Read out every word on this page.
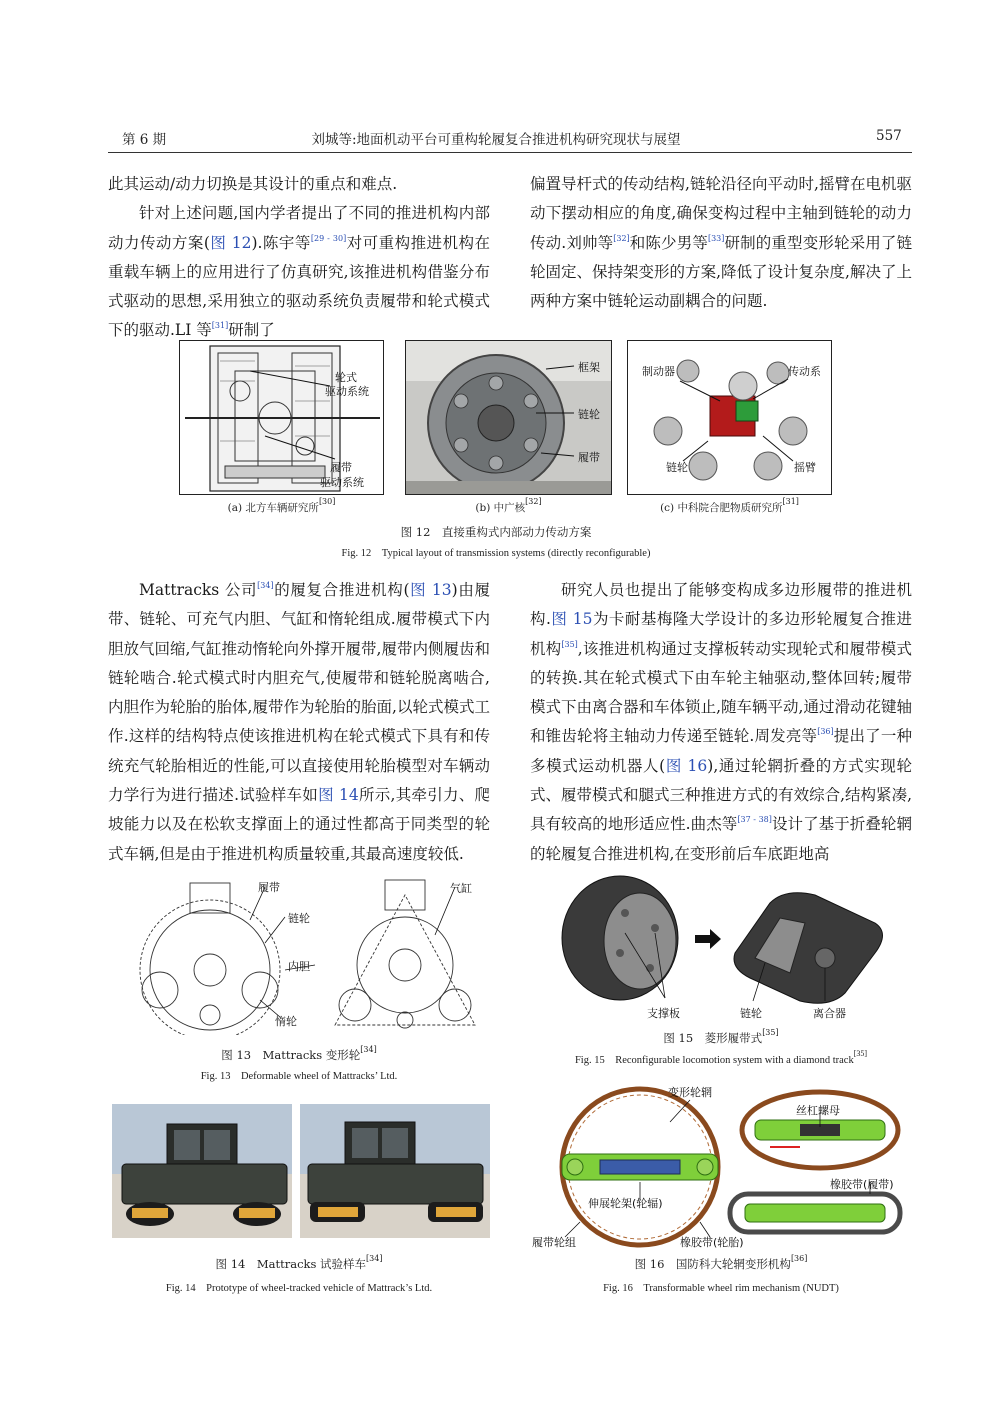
第 6 期	刘城等:地面机动平台可重构轮履复合推进机构研究现状与展望	557

此其运动/动力切换是其设计的重点和难点.

针对上述问题,国内学者提出了不同的推进机构内部动力传动方案(图 12).陈宇等[29 - 30]对可重构推进机构在重载车辆上的应用进行了仿真研究,该推进机构借鉴分布式驱动的思想,采用独立的驱动系统负责履带和轮式模式下的驱动.LI 等[31]研制了

偏置导杆式的传动结构,链轮沿径向平动时,摇臂在电机驱动下摆动相应的角度,确保变构过程中主轴到链轮的动力传动.刘帅等[32]和陈少男等[33]研制的重型变形轮采用了链轮固定、保持架变形的方案,降低了设计复杂度,解决了上两种方案中链轮运动副耦合的问题.

轮式
驱动系统
履带
驱动系统
框架
链轮
履带
制动器	传动系
链轮	摇臂
(a) 北方车辆研究所[30]
(b) 中广核[32]
(c) 中科院合肥物质研究所[31]
图 12　直接重构式内部动力传动方案
Fig. 12　Typical layout of transmission systems (directly reconfigurable)

Mattracks 公司[34]的履复合推进机构(图 13)由履带、链轮、可充气内胆、气缸和惰轮组成.履带模式下内胆放气回缩,气缸推动惰轮向外撑开履带,履带内侧履齿和链轮啮合.轮式模式时内胆充气,使履带和链轮脱离啮合,内胆作为轮胎的胎体,履带作为轮胎的胎面,以轮式模式工作.这样的结构特点使该推进机构在轮式模式下具有和传统充气轮胎相近的性能,可以直接使用轮胎模型对车辆动力学行为进行描述.试验样车如图 14所示,其牵引力、爬坡能力以及在松软支撑面上的通过性都高于同类型的轮式车辆,但是由于推进机构质量较重,其最高速度较低.

研究人员也提出了能够变构成多边形履带的推进机构.图 15为卡耐基梅隆大学设计的多边形轮履复合推进机构[35],该推进机构通过支撑板转动实现轮式和履带模式的转换.其在轮式模式下由车轮主轴驱动,整体回转;履带模式下由离合器和车体锁止,随车辆平动,通过滑动花键轴和锥齿轮将主轴动力传递至链轮.周发亮等[36]提出了一种多模式运动机器人(图 16),通过轮辋折叠的方式实现轮式、履带模式和腿式三种推进方式的有效综合,结构紧凑,具有较高的地形适应性.曲杰等[37 - 38]设计了基于折叠轮辋的轮履复合推进机构,在变形前后车底距地高

履带
链轮
内胆
惰轮
气缸
图 13　Mattracks 变形轮[34]
Fig. 13　Deformable wheel of Mattracks’ Ltd.
图 14　Mattracks 试验样车[34]
Fig. 14　Prototype of wheel-tracked vehicle of Mattrack’s Ltd.
支撑板	链轮	离合器
图 15　菱形履带式[35]
Fig. 15　Reconfigurable locomotion system with a diamond track[35]
变形轮辋
丝杠螺母
伸展轮架(轮辐)
橡胶带(履带)
履带轮组	橡胶带(轮胎)
图 16　国防科大轮辋变形机构[36]
Fig. 16　Transformable wheel rim mechanism (NUDT)
